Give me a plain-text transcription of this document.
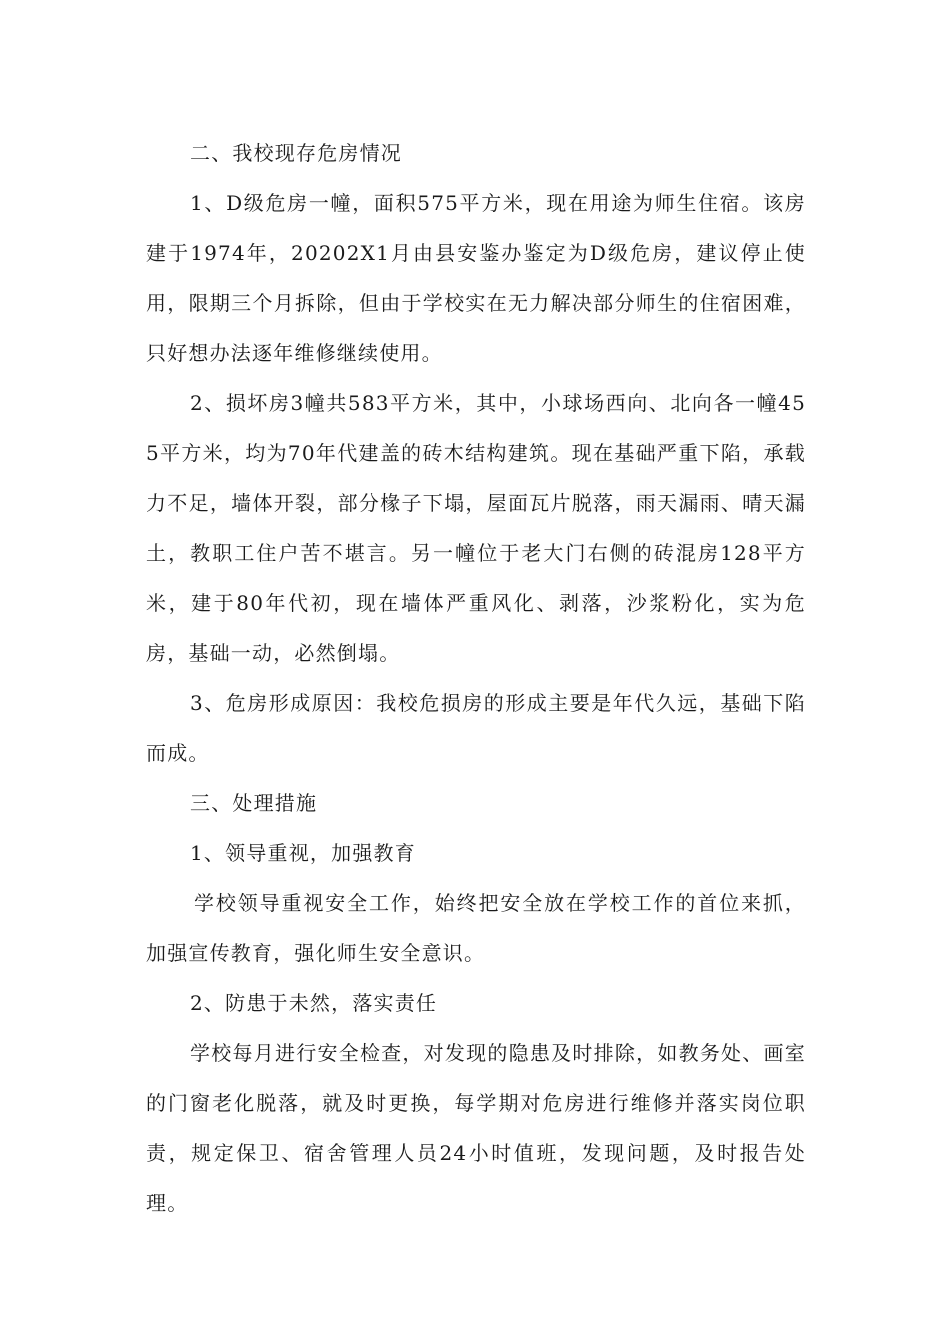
二、我校现存危房情况

1、D级危房一幢，面积575平方米，现在用途为师生住宿。该房建于1974年，20202X1月由县安鉴办鉴定为D级危房，建议停止使用，限期三个月拆除，但由于学校实在无力解决部分师生的住宿困难，只好想办法逐年维修继续使用。

2、损坏房3幢共583平方米，其中，小球场西向、北向各一幢455平方米，均为70年代建盖的砖木结构建筑。现在基础严重下陷，承载力不足，墙体开裂，部分椽子下塌，屋面瓦片脱落，雨天漏雨、晴天漏土，教职工住户苦不堪言。另一幢位于老大门右侧的砖混房128平方米，建于80年代初，现在墙体严重风化、剥落，沙浆粉化，实为危房，基础一动，必然倒塌。

3、危房形成原因：我校危损房的形成主要是年代久远，基础下陷而成。

三、处理措施

1、领导重视，加强教育

学校领导重视安全工作，始终把安全放在学校工作的首位来抓，加强宣传教育，强化师生安全意识。

2、防患于未然，落实责任

学校每月进行安全检查，对发现的隐患及时排除，如教务处、画室的门窗老化脱落，就及时更换，每学期对危房进行维修并落实岗位职责，规定保卫、宿舍管理人员24小时值班，发现问题，及时报告处理。
